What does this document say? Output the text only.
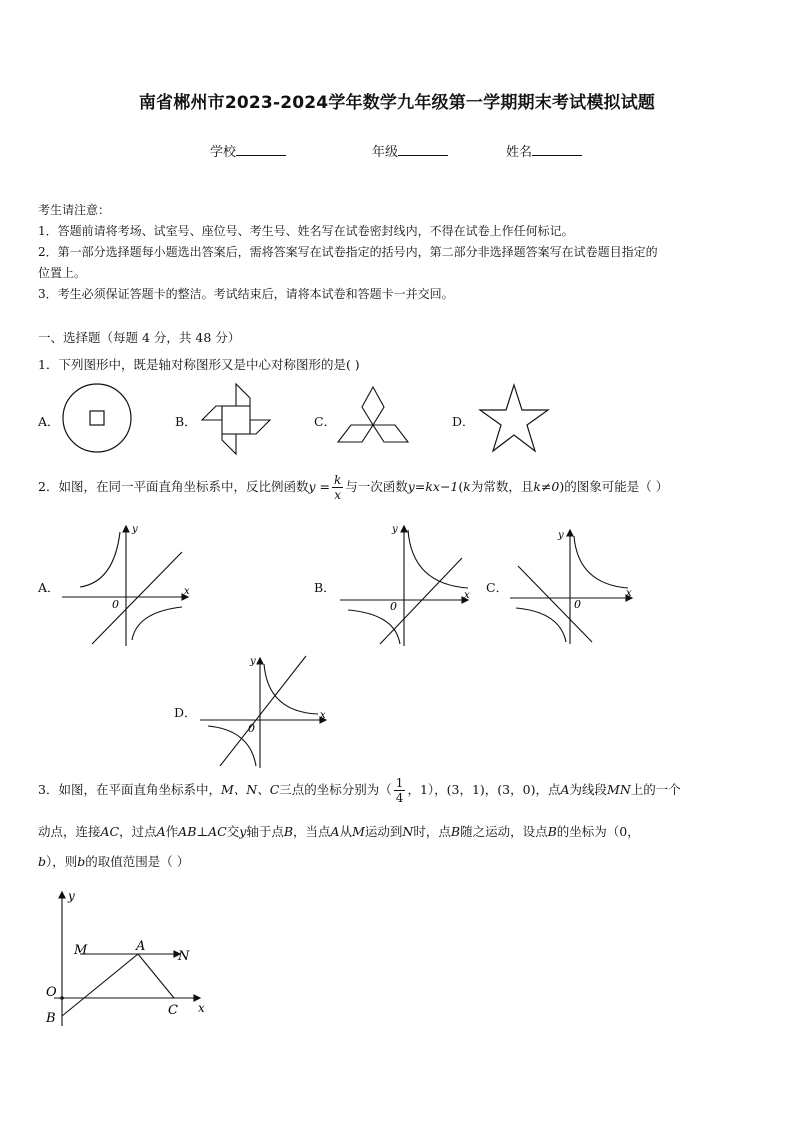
南省郴州市2023-2024学年数学九年级第一学期期末考试模拟试题
学校	年级	姓名
考生请注意：
1．答题前请将考场、试室号、座位号、考生号、姓名写在试卷密封线内，不得在试卷上作任何标记。
2．第一部分选择题每小题选出答案后，需将答案写在试卷指定的括号内，第二部分非选择题答案写在试卷题目指定的
位置上。
3．考生必须保证答题卡的整洁。考试结束后，请将本试卷和答题卡一并交回。
一、选择题（每题 4 分，共 48 分）
1．下列图形中，既是轴对称图形又是中心对称图形的是( )
A．	B．	C．	D．
2．如图，在同一平面直角坐标系中，反比例函数$y = \frac{k}{x}$ 与一次函数y=kx−1(k为常数，且k≠0)的图象可能是（ ）
A．
y
x
0
B．
y
x
0
C．
y
x
0
D．
y
x
0
3．如图，在平面直角坐标系中，M、N、C三点的坐标分别为（ $\frac{1}{4}$ ，1），(3，1)，(3，0)，点A为线段MN上的一个
动点，连接AC，过点A作AB⊥AC交y轴于点B，当点A从M运动到N时，点B随之运动，设点B的坐标为（0，
b），则b的取值范围是（ ）
y
x
M	A
N
O
B
C
